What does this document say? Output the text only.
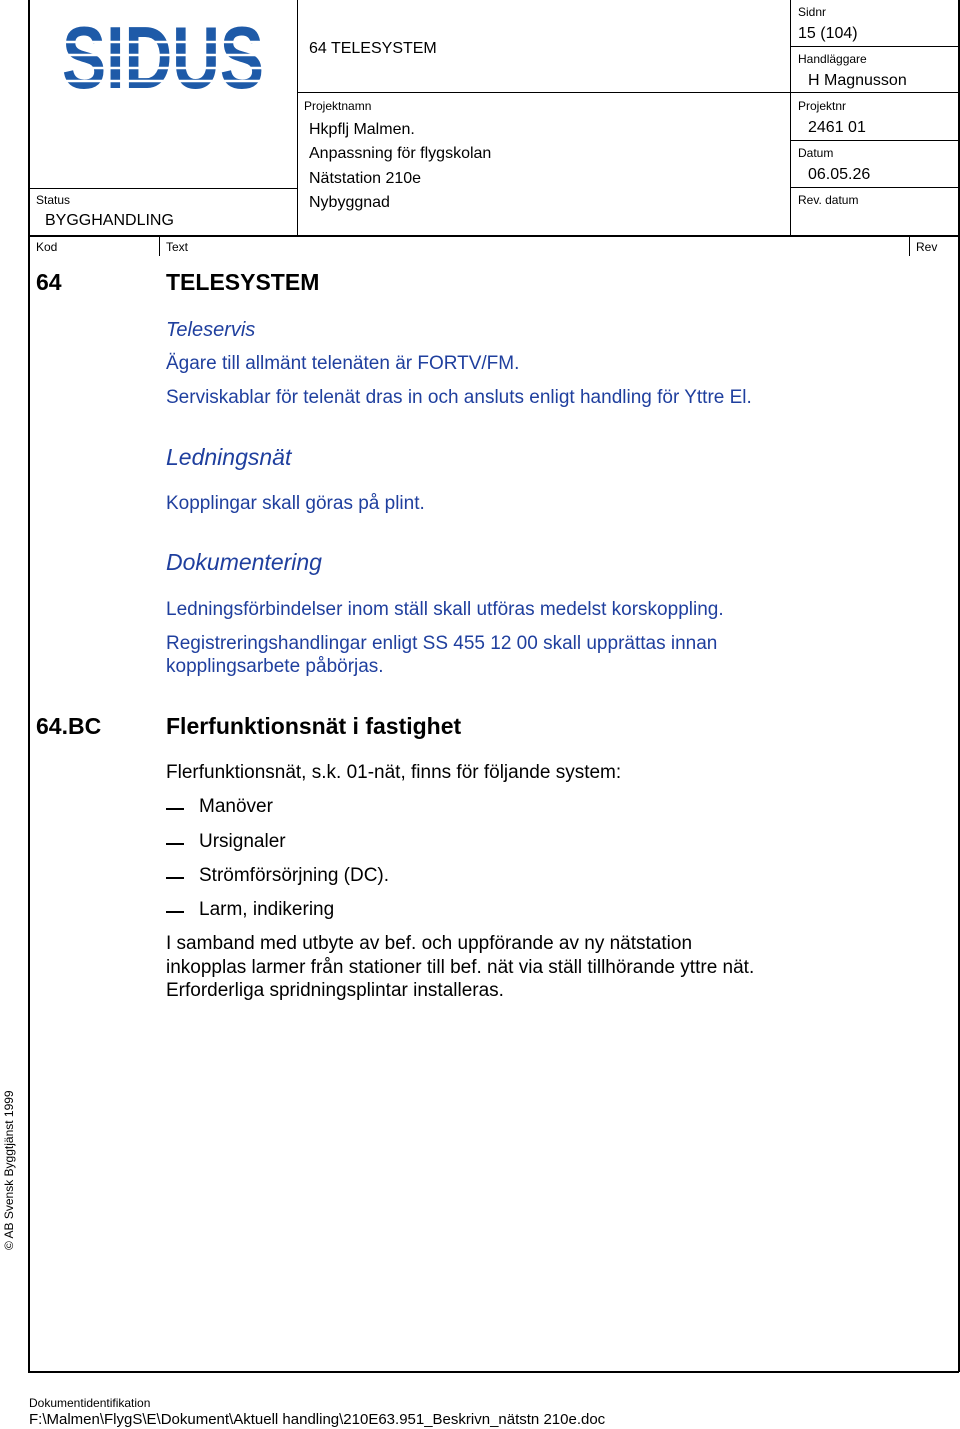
SIDUS	64 TELESYSTEM
Sidnr
15 (104)
Handläggare
H Magnusson
Projektnamn
Hkpflj Malmen.
Anpassning för flygskolan
Nätstation 210e
Nybyggnad
Projektnr
2461 01
Datum
06.05.26
Rev. datum
Status
BYGGHANDLING
Kod	Text	Rev
64	TELESYSTEM
Teleservis
Ägare till allmänt telenäten är FORTV/FM.
Serviskablar för telenät dras in och ansluts enligt handling för Yttre El.
Ledningsnät
Kopplingar skall göras på plint.
Dokumentering
Ledningsförbindelser inom ställ skall utföras medelst korskoppling.
Registreringshandlingar enligt SS 455 12 00 skall upprättas innan
kopplingsarbete påbörjas.
64.BC	Flerfunktionsnät i fastighet
Flerfunktionsnät, s.k. 01-nät, finns för följande system:
Manöver
Ursignaler
Strömförsörjning (DC).
Larm, indikering
I samband med utbyte av bef. och uppförande av ny nätstation
inkopplas larmer från stationer till bef. nät via ställ tillhörande yttre nät.
Erforderliga spridningsplintar installeras.
© AB Svensk Byggtjänst 1999
Dokumentidentifikation
F:\Malmen\FlygS\E\Dokument\Aktuell handling\210E63.951_Beskrivn_nätstn 210e.doc
